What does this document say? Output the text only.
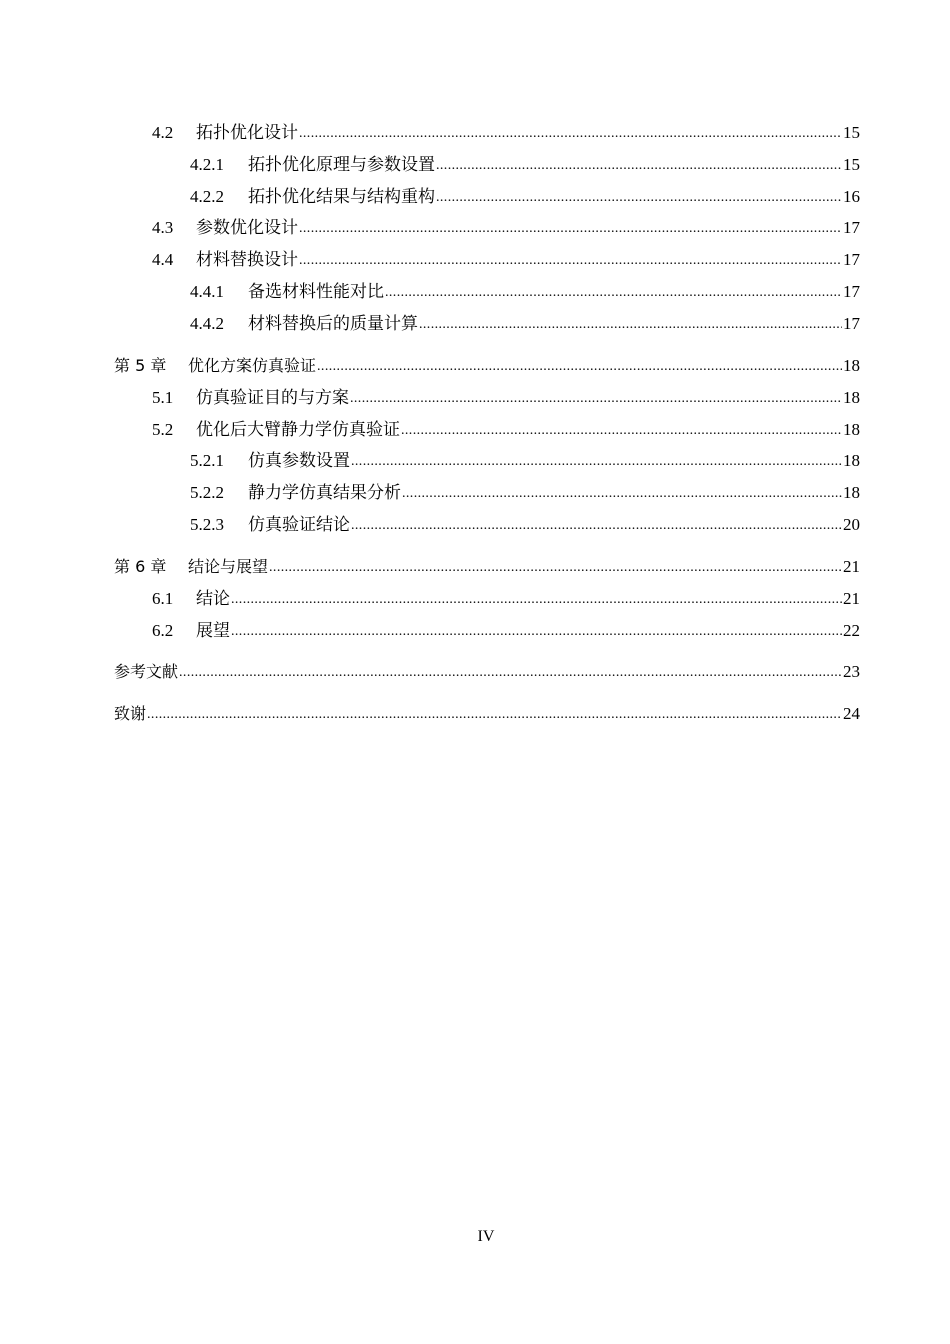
4.2	拓扑优化设计 .....	15
4.2.1	拓扑优化原理与参数设置 .....	15
4.2.2	拓扑优化结果与结构重构 .....	16
4.3	参数优化设计 .....	17
4.4	材料替换设计 .....	17
4.4.1	备选材料性能对比 .....	17
4.4.2	材料替换后的质量计算 .....	17
第 5 章	优化方案仿真验证 .....	18
5.1	仿真验证目的与方案 .....	18
5.2	优化后大臂静力学仿真验证 .....	18
5.2.1	仿真参数设置 .....	18
5.2.2	静力学仿真结果分析 .....	18
5.2.3	仿真验证结论 .....	20
第 6 章	结论与展望 .....	21
6.1	结论 .....	21
6.2	展望 .....	22
参考文献 .....	23
致谢 .....	24
IV
